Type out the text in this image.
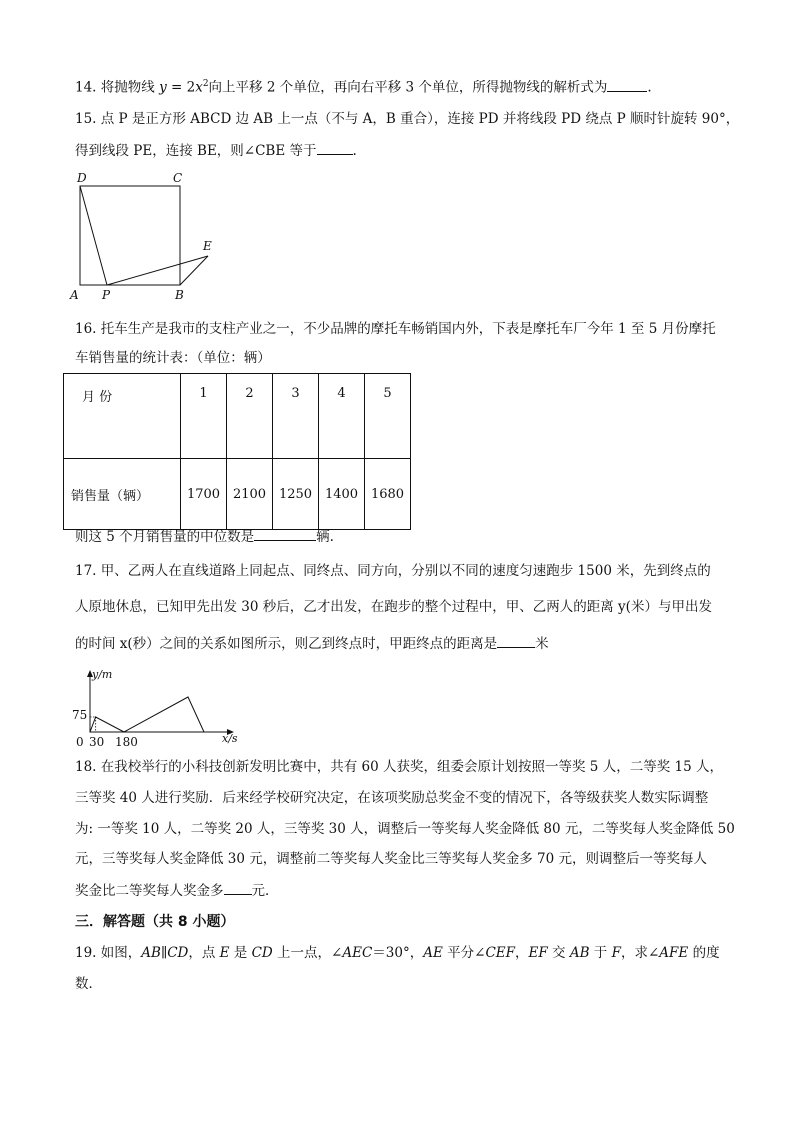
14. 将抛物线 $y = 2x^2$向上平移 2 个单位，再向右平移 3 个单位，所得抛物线的解析式为	.
15. 点 P 是正方形 ABCD 边 AB 上一点（不与 A，B 重合），连接 PD 并将线段 PD 绕点 P 顺时针旋转 90°，
得到线段 PE，连接 BE，则∠CBE 等于	.
D	C
E
A P	B
16. 托车生产是我市的支柱产业之一，不少品牌的摩托车畅销国内外，下表是摩托车厂今年 1 至 5 月份摩托
车销售量的统计表：（单位：辆）
月 份	1	2	3	4	5
销售量（辆）	1700	2100	1250	1400	1680
则这 5 个月销售量的中位数是	辆.
17. 甲、乙两人在直线道路上同起点、同终点、同方向，分别以不同的速度匀速跑步 1500 米，先到终点的
人原地休息，已知甲先出发 30 秒后，乙才出发，在跑步的整个过程中，甲、乙两人的距离 y(米）与甲出发
的时间 x(秒）之间的关系如图所示，则乙到终点时，甲距终点的距离是	米
y/m
x/s
0
75
30 180
18. 在我校举行的小科技创新发明比赛中，共有 60 人获奖，组委会原计划按照一等奖 5 人，二等奖 15 人，
三等奖 40 人进行奖励．后来经学校研究决定，在该项奖励总奖金不变的情况下，各等级获奖人数实际调整
为: 一等奖 10 人，二等奖 20 人，三等奖 30 人，调整后一等奖每人奖金降低 80 元，二等奖每人奖金降低 50
元，三等奖每人奖金降低 30 元，调整前二等奖每人奖金比三等奖每人奖金多 70 元，则调整后一等奖每人
奖金比二等奖每人奖金多 元．
三．解答题（共 8 小题）
19. 如图，AB∥CD，点 E 是 CD 上一点，∠AEC＝30°，AE 平分∠CEF，EF 交 AB 于 F，求∠AFE 的度
数．
